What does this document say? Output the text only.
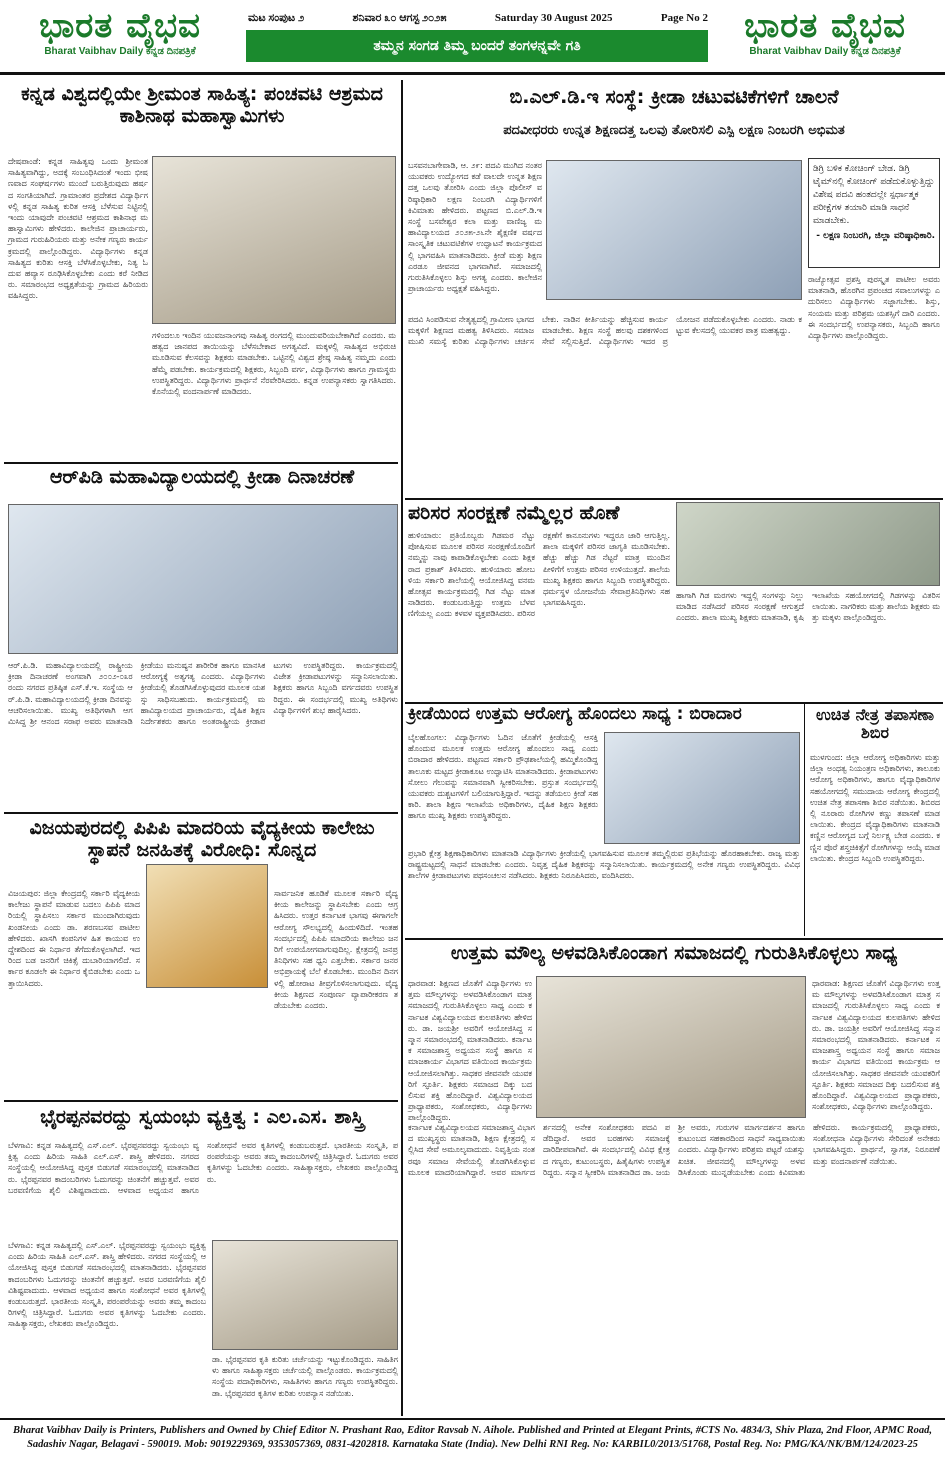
ಭಾರತ ವೈಭವ
Bharat Vaibhav Daily ಕನ್ನಡ ದಿನಪತ್ರಿಕೆ
ಮಟ ಸಂಪುಟ ೨	ಶನಿವಾರ ೩೦ ಆಗಸ್ಟ ೨೦೨೫	Saturday 30 August 2025	Page No 2
ತಮ್ಮನ ಸಂಗಡ ತಿಮ್ಮ ಬಂದರೆ ತಂಗಳನ್ನವೇ ಗತಿ	ಭಾರತ ವೈಭವ
Bharat Vaibhav Daily ಕನ್ನಡ ದಿನಪತ್ರಿಕೆ
ಕನ್ನಡ ವಿಶ್ವದಲ್ಲಿಯೇ ಶ್ರೀಮಂತ ಸಾಹಿತ್ಯ: ಪಂಚವಟಿ ಆಶ್ರಮದ ಕಾಶಿನಾಥ ಮಹಾಸ್ವಾಮಿಗಳು
ದೇಷಪಾಂಡೆ: ಕನ್ನಡ ಸಾಹಿತ್ಯವು ಒಂದು ಶ್ರೀಮಂತ ಸಾಹಿತ್ಯವಾಗಿದ್ದು, ಅದಕ್ಕೆ ಸಂಬಂಧಿಸಿದಂತೆ ಇಂದು ಭೀಷಣವಾದ ಸಂಘರ್ಷಗಳು ಮುಂದೆ ಬರುತ್ತಿರುವುದು ಹರ್ಷದ ಸಂಗತಿಯಾಗಿದೆ. ಗ್ರಾಮಾಂತರ ಪ್ರದೇಶದ ವಿದ್ಯಾರ್ಥಿಗಳಲ್ಲಿ ಕನ್ನಡ ಸಾಹಿತ್ಯ ಕುರಿತ ಆಸಕ್ತಿ ಬೆಳೆಸುವ ನಿಟ್ಟಿನಲ್ಲಿ ಇಂದು ಯಾವುದೇ ಪಂಚವಟಿ ಆಶ್ರಮದ ಕಾಶಿನಾಥ ಮಹಾಸ್ವಾಮಿಗಳು ಹೇಳಿದರು. ಕಾಲೇಜಿನ ಪ್ರಾಚಾರ್ಯರು, ಗ್ರಾಮದ ಗುರುಹಿರಿಯರು ಮತ್ತು ಅನೇಕ ಗಣ್ಯರು ಕಾರ್ಯಕ್ರಮದಲ್ಲಿ ಪಾಲ್ಗೊಂಡಿದ್ದರು. ವಿದ್ಯಾರ್ಥಿಗಳು ಕನ್ನಡ ಸಾಹಿತ್ಯದ ಕುರಿತು ಆಸಕ್ತಿ ಬೆಳೆಸಿಕೊಳ್ಳಬೇಕು, ನಿತ್ಯ ಓದುವ ಹವ್ಯಾಸ ರೂಢಿಸಿಕೊಳ್ಳಬೇಕು ಎಂದು ಕರೆ ನೀಡಿದರು. ಸಮಾರಂಭದ ಅಧ್ಯಕ್ಷತೆಯನ್ನು ಗ್ರಾಮದ ಹಿರಿಯರು ವಹಿಸಿದ್ದರು.
ಗಳಿಂದಲೂ ಇಂದಿನ ಯುವಜನಾಂಗವು ಸಾಹಿತ್ಯ ರಂಗದಲ್ಲಿ ಮುಂದುವರಿಯಬೇಕಾಗಿದೆ ಎಂದರು. ಮಹತ್ವದ ಜಾನಪದ ತಾಯಿಯನ್ನು ಬೆಳೆಸಬೇಕಾದ ಅಗತ್ಯವಿದೆ. ಮಕ್ಕಳಲ್ಲಿ ಸಾಹಿತ್ಯದ ಅಭಿರುಚಿ ಮೂಡಿಸುವ ಕೆಲಸವನ್ನು ಶಿಕ್ಷಕರು ಮಾಡಬೇಕು. ಒಟ್ಟಿನಲ್ಲಿ ವಿಶ್ವದ ಶ್ರೇಷ್ಠ ಸಾಹಿತ್ಯ ನಮ್ಮದು ಎಂದು ಹೆಮ್ಮೆ ಪಡಬೇಕು. ಕಾರ್ಯಕ್ರಮದಲ್ಲಿ ಶಿಕ್ಷಕರು, ಸಿಬ್ಬಂದಿ ವರ್ಗ, ವಿದ್ಯಾರ್ಥಿಗಳು ಹಾಗೂ ಗ್ರಾಮಸ್ಥರು ಉಪಸ್ಥಿತರಿದ್ದರು. ವಿದ್ಯಾರ್ಥಿಗಳು ಪ್ರಾರ್ಥನೆ ನೆರವೇರಿಸಿದರು. ಕನ್ನಡ ಉಪನ್ಯಾಸಕರು ಸ್ವಾಗತಿಸಿದರು. ಕೊನೆಯಲ್ಲಿ ವಂದನಾರ್ಪಣೆ ಮಾಡಿದರು.
ಆರ್‌ಪಿಡಿ ಮಹಾವಿದ್ಯಾಲಯದಲ್ಲಿ ಕ್ರೀಡಾ ದಿನಾಚರಣೆ
ಆರ್.ಪಿ.ಡಿ. ಮಹಾವಿದ್ಯಾಲಯದಲ್ಲಿ ರಾಷ್ಟ್ರೀಯ ಕ್ರೀಡಾ ದಿನಾಚರಣೆ ಅಂಗವಾಗಿ ೨೦೦೨-೦೩ರ ರಂದು ನಗರದ ಪ್ರತಿಷ್ಠಿತ ಎಸ್.ಕೆ.ಇ. ಸಂಸ್ಥೆಯ ಆರ್.ಪಿ.ಡಿ. ಮಹಾವಿದ್ಯಾಲಯದಲ್ಲಿ ಕ್ರೀಡಾ ದಿನವನ್ನು ಆಚರಿಸಲಾಯಿತು. ಮುಖ್ಯ ಅತಿಥಿಗಳಾಗಿ ಆಗಮಿಸಿದ್ದ ಶ್ರೀ ಆನಂದ ಸರಾಫ ಅವರು ಮಾತನಾಡಿ ಕ್ರೀಡೆಯು ಮನುಷ್ಯನ ಶಾರೀರಿಕ ಹಾಗೂ ಮಾನಸಿಕ ಆರೋಗ್ಯಕ್ಕೆ ಅತ್ಯಗತ್ಯ ಎಂದರು. ವಿದ್ಯಾರ್ಥಿಗಳು ಕ್ರೀಡೆಯಲ್ಲಿ ತೊಡಗಿಸಿಕೊಳ್ಳುವುದರ ಮೂಲಕ ಯಶಸ್ಸು ಸಾಧಿಸಬಹುದು. ಕಾರ್ಯಕ್ರಮದಲ್ಲಿ ಮಹಾವಿದ್ಯಾಲಯದ ಪ್ರಾಚಾರ್ಯರು, ದೈಹಿಕ ಶಿಕ್ಷಣ ನಿರ್ದೇಶಕರು ಹಾಗೂ ಅಂತರಾಷ್ಟ್ರೀಯ ಕ್ರೀಡಾಪಟುಗಳು ಉಪಸ್ಥಿತರಿದ್ದರು. ಕಾರ್ಯಕ್ರಮದಲ್ಲಿ ವಿಜೇತ ಕ್ರೀಡಾಪಟುಗಳನ್ನು ಸನ್ಮಾನಿಸಲಾಯಿತು. ಶಿಕ್ಷಕರು ಹಾಗೂ ಸಿಬ್ಬಂದಿ ವರ್ಗದವರು ಉಪಸ್ಥಿತರಿದ್ದರು. ಈ ಸಂದರ್ಭದಲ್ಲಿ ಮುಖ್ಯ ಅತಿಥಿಗಳು ವಿದ್ಯಾರ್ಥಿಗಳಿಗೆ ಶುಭ ಹಾರೈಸಿದರು.
ವಿಜಯಪುರದಲ್ಲಿ ಪಿಪಿಪಿ ಮಾದರಿಯ ವೈದ್ಯಕೀಯ ಕಾಲೇಜು ಸ್ಥಾಪನೆ ಜನಹಿತಕ್ಕೆ ವಿರೋಧಿ: ಸೊನ್ನದ
ವಿಜಯಪುರ: ಜಿಲ್ಲಾ ಕೇಂದ್ರದಲ್ಲಿ ಸರ್ಕಾರಿ ವೈದ್ಯಕೀಯ ಕಾಲೇಜು ಸ್ಥಾಪನೆ ಮಾಡುವ ಬದಲು ಪಿಪಿಪಿ ಮಾದರಿಯಲ್ಲಿ ಸ್ಥಾಪಿಸಲು ಸರ್ಕಾರ ಮುಂದಾಗಿರುವುದು ಖಂಡನೀಯ ಎಂದು ಡಾ. ಶರಣಬಸವ ಪಾಟೀಲ ಹೇಳಿದರು. ಖಾಸಗಿ ಕಂಪನಿಗಳ ಹಿತ ಕಾಯುವ ಉದ್ದೇಶದಿಂದ ಈ ನಿರ್ಧಾರ ತೆಗೆದುಕೊಳ್ಳಲಾಗಿದೆ. ಇದರಿಂದ ಬಡ ಜನರಿಗೆ ಚಿಕಿತ್ಸೆ ದುಬಾರಿಯಾಗಲಿದೆ. ಸರ್ಕಾರ ಕೂಡಲೇ ಈ ನಿರ್ಧಾರ ಕೈಬಿಡಬೇಕು ಎಂದು ಒತ್ತಾಯಿಸಿದರು.
ಸಾರ್ವಜನಿಕ ಹೂಡಿಕೆ ಮೂಲಕ ಸರ್ಕಾರಿ ವೈದ್ಯಕೀಯ ಕಾಲೇಜನ್ನು ಸ್ಥಾಪಿಸಬೇಕು ಎಂದು ಆಗ್ರಹಿಸಿದರು. ಉತ್ತರ ಕರ್ನಾಟಕ ಭಾಗವು ಈಗಾಗಲೇ ಆರೋಗ್ಯ ಸೌಲಭ್ಯದಲ್ಲಿ ಹಿಂದುಳಿದಿದೆ. ಇಂತಹ ಸಂದರ್ಭದಲ್ಲಿ ಪಿಪಿಪಿ ಮಾದರಿಯ ಕಾಲೇಜು ಜನರಿಗೆ ಉಪಯೋಗವಾಗುವುದಿಲ್ಲ. ಕ್ಷೇತ್ರದಲ್ಲಿ ಜನಪ್ರತಿನಿಧಿಗಳು ಸಹ ಧ್ವನಿ ಎತ್ತಬೇಕು. ಸರ್ಕಾರ ಜನರ ಅಭಿಪ್ರಾಯಕ್ಕೆ ಬೆಲೆ ಕೊಡಬೇಕು. ಮುಂದಿನ ದಿನಗಳಲ್ಲಿ ಹೋರಾಟ ತೀವ್ರಗೊಳಿಸಲಾಗುವುದು. ವೈದ್ಯಕೀಯ ಶಿಕ್ಷಣದ ಸಂಪೂರ್ಣ ವ್ಯಾಪಾರೀಕರಣ ತಡೆಯಬೇಕು ಎಂದರು.
ಭೈರಪ್ಪನವರದ್ದು ಸ್ವಯಂಭು ವ್ಯಕ್ತಿತ್ವ : ಎಲ.ಎಸ. ಶಾಸ್ತ್ರಿ
ಬೆಳಗಾವಿ: ಕನ್ನಡ ಸಾಹಿತ್ಯದಲ್ಲಿ ಎಸ್.ಎಲ್. ಭೈರಪ್ಪನವರದ್ದು ಸ್ವಯಂಭು ವ್ಯಕ್ತಿತ್ವ ಎಂದು ಹಿರಿಯ ಸಾಹಿತಿ ಎಲ್.ಎಸ್. ಶಾಸ್ತ್ರಿ ಹೇಳಿದರು. ನಗರದ ಸಂಸ್ಥೆಯಲ್ಲಿ ಆಯೋಜಿಸಿದ್ದ ಪುಸ್ತಕ ಬಿಡುಗಡೆ ಸಮಾರಂಭದಲ್ಲಿ ಮಾತನಾಡಿದರು. ಭೈರಪ್ಪನವರ ಕಾದಂಬರಿಗಳು ಓದುಗರನ್ನು ಚಿಂತನೆಗೆ ಹಚ್ಚುತ್ತವೆ. ಅವರ ಬರವಣಿಗೆಯ ಶೈಲಿ ವಿಶಿಷ್ಟವಾದುದು. ಆಳವಾದ ಅಧ್ಯಯನ ಹಾಗೂ ಸಂಶೋಧನೆ ಅವರ ಕೃತಿಗಳಲ್ಲಿ ಕಂಡುಬರುತ್ತದೆ. ಭಾರತೀಯ ಸಂಸ್ಕೃತಿ, ಪರಂಪರೆಯನ್ನು ಅವರು ತಮ್ಮ ಕಾದಂಬರಿಗಳಲ್ಲಿ ಚಿತ್ರಿಸಿದ್ದಾರೆ. ಓದುಗರು ಅವರ ಕೃತಿಗಳನ್ನು ಓದಬೇಕು ಎಂದರು. ಸಾಹಿತ್ಯಾಸಕ್ತರು, ಲೇಖಕರು ಪಾಲ್ಗೊಂಡಿದ್ದರು.
ಬೆಳಗಾವಿ: ಕನ್ನಡ ಸಾಹಿತ್ಯದಲ್ಲಿ ಎಸ್.ಎಲ್. ಭೈರಪ್ಪನವರದ್ದು ಸ್ವಯಂಭು ವ್ಯಕ್ತಿತ್ವ ಎಂದು ಹಿರಿಯ ಸಾಹಿತಿ ಎಲ್.ಎಸ್. ಶಾಸ್ತ್ರಿ ಹೇಳಿದರು. ನಗರದ ಸಂಸ್ಥೆಯಲ್ಲಿ ಆಯೋಜಿಸಿದ್ದ ಪುಸ್ತಕ ಬಿಡುಗಡೆ ಸಮಾರಂಭದಲ್ಲಿ ಮಾತನಾಡಿದರು. ಭೈರಪ್ಪನವರ ಕಾದಂಬರಿಗಳು ಓದುಗರನ್ನು ಚಿಂತನೆಗೆ ಹಚ್ಚುತ್ತವೆ. ಅವರ ಬರವಣಿಗೆಯ ಶೈಲಿ ವಿಶಿಷ್ಟವಾದುದು. ಆಳವಾದ ಅಧ್ಯಯನ ಹಾಗೂ ಸಂಶೋಧನೆ ಅವರ ಕೃತಿಗಳಲ್ಲಿ ಕಂಡುಬರುತ್ತದೆ. ಭಾರತೀಯ ಸಂಸ್ಕೃತಿ, ಪರಂಪರೆಯನ್ನು ಅವರು ತಮ್ಮ ಕಾದಂಬರಿಗಳಲ್ಲಿ ಚಿತ್ರಿಸಿದ್ದಾರೆ. ಓದುಗರು ಅವರ ಕೃತಿಗಳನ್ನು ಓದಬೇಕು ಎಂದರು. ಸಾಹಿತ್ಯಾಸಕ್ತರು, ಲೇಖಕರು ಪಾಲ್ಗೊಂಡಿದ್ದರು.
ಡಾ. ಭೈರಪ್ಪನವರ ಕೃತಿ ಕುರಿತು ಚರ್ಚೆಯನ್ನು ಇಟ್ಟುಕೊಂಡಿದ್ದರು. ಸಾಹಿತಿಗಳು ಹಾಗೂ ಸಾಹಿತ್ಯಾಸಕ್ತರು ಚರ್ಚೆಯಲ್ಲಿ ಪಾಲ್ಗೊಂಡರು. ಕಾರ್ಯಕ್ರಮದಲ್ಲಿ ಸಂಸ್ಥೆಯ ಪದಾಧಿಕಾರಿಗಳು, ಸಾಹಿತಿಗಳು ಹಾಗೂ ಗಣ್ಯರು ಉಪಸ್ಥಿತರಿದ್ದರು. ಡಾ. ಭೈರಪ್ಪನವರ ಕೃತಿಗಳ ಕುರಿತು ಉಪನ್ಯಾಸ ನಡೆಯಿತು.
ಬಿ.ಎಲ್.ಡಿ.ಇ ಸಂಸ್ಥೆ: ಕ್ರೀಡಾ ಚಟುವಟಿಕೆಗಳಿಗೆ ಚಾಲನೆ
ಪದವೀಧರರು ಉನ್ನತ ಶಿಕ್ಷಣದತ್ತ ಒಲವು ತೋರಿಸಲಿ ಎಸ್ಪಿ ಲಕ್ಷಣ ನಿಂಬರಗಿ ಅಭಿಮತ
ಬಸವನಬಾಗೇವಾಡಿ, ಆ. ೨೯: ಪದವಿ ಮುಗಿದ ನಂತರ ಯುವಕರು ಉದ್ಯೋಗದ ಕಡೆ ವಾಲದೇ ಉನ್ನತ ಶಿಕ್ಷಣದತ್ತ ಒಲವು ತೋರಿಸಿ ಎಂದು ಜಿಲ್ಲಾ ಪೊಲೀಸ್ ವರಿಷ್ಠಾಧಿಕಾರಿ ಲಕ್ಷಣ ನಿಂಬರಗಿ ವಿದ್ಯಾರ್ಥಿಗಳಿಗೆ ಕಿವಿಮಾತು ಹೇಳಿದರು. ಪಟ್ಟಣದ ಬಿ.ಎಲ್.ಡಿ.ಇ ಸಂಸ್ಥೆ ಬಸವೇಶ್ವರ ಕಲಾ ಮತ್ತು ವಾಣಿಜ್ಯ ಮಹಾವಿದ್ಯಾಲಯದ ೨೦೨೫-೨೬ನೇ ಶೈಕ್ಷಣಿಕ ವರ್ಷದ ಸಾಂಸ್ಕೃತಿಕ ಚಟುವಟಿಕೆಗಳ ಉದ್ಘಾಟನೆ ಕಾರ್ಯಕ್ರಮದಲ್ಲಿ ಭಾಗವಹಿಸಿ ಮಾತನಾಡಿದರು. ಕ್ರೀಡೆ ಮತ್ತು ಶಿಕ್ಷಣ ಎರಡೂ ಜೀವನದ ಭಾಗವಾಗಿವೆ. ಸಮಾಜದಲ್ಲಿ ಗುರುತಿಸಿಕೊಳ್ಳಲು ಶಿಸ್ತು ಅಗತ್ಯ ಎಂದರು. ಕಾಲೇಜಿನ ಪ್ರಾಚಾರ್ಯರು ಅಧ್ಯಕ್ಷತೆ ವಹಿಸಿದ್ದರು.
ಡಿಗ್ರಿ ಬಳಿಕ ಕೋಚಿಂಗ್ ಬೇಡ. ಡಿಗ್ರಿ ಟೈಮ್‌ನಲ್ಲಿ ಕೋಚಿಂಗ್ ಪಡೆದುಕೊಳ್ಳುತ್ತಿದ್ದು ವಿಶೇಷ ಪದವಿ ಹಂತದಲ್ಲೇ ಸ್ಪರ್ಧಾತ್ಮಕ ಪರೀಕ್ಷೆಗಳ ತಯಾರಿ ಮಾಡಿ ಸಾಧನೆ ಮಾಡಬೇಕು.
- ಲಕ್ಷಣ ನಿಂಬರಗಿ, ಜಿಲ್ಲಾ ವರಿಷ್ಠಾಧಿಕಾರಿ.
ಪದವಿ ಸಿಂಪಡಿಸುವ ನೇತೃತ್ವದಲ್ಲಿ ಗ್ರಾಮೀಣ ಭಾಗದ ಮಕ್ಕಳಿಗೆ ಶಿಕ್ಷಣದ ಮಹತ್ವ ತಿಳಿಸಿದರು. ಸಮಾಜಮುಖಿ ಸಮಸ್ಯೆ ಕುರಿತು ವಿದ್ಯಾರ್ಥಿಗಳು ಚರ್ಚಿಸಬೇಕು. ನಾಡಿನ ಕೀರ್ತಿಯನ್ನು ಹೆಚ್ಚಿಸುವ ಕಾರ್ಯ ಮಾಡಬೇಕು. ಶಿಕ್ಷಣ ಸಂಸ್ಥೆ ಹಲವು ದಶಕಗಳಿಂದ ಸೇವೆ ಸಲ್ಲಿಸುತ್ತಿದೆ. ವಿದ್ಯಾರ್ಥಿಗಳು ಇದರ ಪ್ರಯೋಜನ ಪಡೆದುಕೊಳ್ಳಬೇಕು ಎಂದರು. ನಾಡು ಕಟ್ಟುವ ಕೆಲಸದಲ್ಲಿ ಯುವಕರ ಪಾತ್ರ ಮಹತ್ವದ್ದು.
ರಾಜ್ಯೋತ್ಸವ ಪ್ರಶಸ್ತಿ ಪುರಸ್ಕೃತ ಪಾಟೀಲ ಅವರು ಮಾತನಾಡಿ, ಹೊರಗಿನ ಪ್ರಪಂಚದ ಸವಾಲುಗಳನ್ನು ಎದುರಿಸಲು ವಿದ್ಯಾರ್ಥಿಗಳು ಸಜ್ಜಾಗಬೇಕು. ಶಿಸ್ತು, ಸಂಯಮ ಮತ್ತು ಪರಿಶ್ರಮ ಯಶಸ್ಸಿಗೆ ದಾರಿ ಎಂದರು. ಈ ಸಂದರ್ಭದಲ್ಲಿ ಉಪನ್ಯಾಸಕರು, ಸಿಬ್ಬಂದಿ ಹಾಗೂ ವಿದ್ಯಾರ್ಥಿಗಳು ಪಾಲ್ಗೊಂಡಿದ್ದರು.
ಪರಿಸರ ಸಂರಕ್ಷಣೆ ನಮ್ಮೆಲ್ಲರ ಹೊಣೆ
ಹುಳಿಯಾರು: ಪ್ರತಿಯೊಬ್ಬರು ಗಿಡಮರ ನೆಟ್ಟು ಪೋಷಿಸುವ ಮೂಲಕ ಪರಿಸರ ಸಂರಕ್ಷಣೆಯೊಂದಿಗೆ ನಮ್ಮನ್ನು ನಾವು ಕಾಪಾಡಿಕೊಳ್ಳಬೇಕು ಎಂದು ಶಿಕ್ಷಕರಾದ ಪ್ರಕಾಶ್ ತಿಳಿಸಿದರು. ಹುಳಿಯಾರು ಹೋಬಳಿಯ ಸರ್ಕಾರಿ ಶಾಲೆಯಲ್ಲಿ ಆಯೋಜಿಸಿದ್ದ ವನಮಹೋತ್ಸವ ಕಾರ್ಯಕ್ರಮದಲ್ಲಿ ಗಿಡ ನೆಟ್ಟು ಮಾತನಾಡಿದರು. ಕಂಡುಬರುತ್ತಿದ್ದು ಉತ್ತಮ ಬೆಳವಣಿಗೆಯಲ್ಲ ಎಂದು ಕಳವಳ ವ್ಯಕ್ತಪಡಿಸಿದರು. ಪರಿಸರ ರಕ್ಷಣೆಗೆ ಕಾನೂನುಗಳು ಇದ್ದರೂ ಜಾರಿ ಆಗುತ್ತಿಲ್ಲ. ಶಾಲಾ ಮಕ್ಕಳಿಗೆ ಪರಿಸರ ಜಾಗೃತಿ ಮೂಡಿಸಬೇಕು. ಹೆಚ್ಚು ಹೆಚ್ಚು ಗಿಡ ನೆಟ್ಟರೆ ಮಾತ್ರ ಮುಂದಿನ ಪೀಳಿಗೆಗೆ ಉತ್ತಮ ಪರಿಸರ ಉಳಿಯುತ್ತದೆ. ಶಾಲೆಯ ಮುಖ್ಯ ಶಿಕ್ಷಕರು ಹಾಗೂ ಸಿಬ್ಬಂದಿ ಉಪಸ್ಥಿತರಿದ್ದರು. ಧರ್ಮಸ್ಥಳ ಯೋಜನೆಯ ಸೇವಾಪ್ರತಿನಿಧಿಗಳು ಸಹ ಭಾಗವಹಿಸಿದ್ದರು.
ಹಾಗಾಗಿ ಗಿಡ ಮರಗಳು ಇದ್ದಲ್ಲಿ ಸಂಗಳನ್ನು ನಿಲ್ಲು ಮಾಡಿದ ನಡೆಸಿದರೆ ಪರಿಸರ ಸಂರಕ್ಷಣೆ ಆಗುತ್ತದೆ ಎಂದರು. ಶಾಲಾ ಮುಖ್ಯ ಶಿಕ್ಷಕರು ಮಾತನಾಡಿ, ಕೃಷಿ ಇಲಾಖೆಯ ಸಹಯೋಗದಲ್ಲಿ ಗಿಡಗಳನ್ನು ವಿತರಿಸಲಾಯಿತು. ನಾಗರಿಕರು ಮತ್ತು ಶಾಲೆಯ ಶಿಕ್ಷಕರು ಮತ್ತು ಮಕ್ಕಳು ಪಾಲ್ಗೊಂಡಿದ್ದರು.
ಕ್ರೀಡೆಯಿಂದ ಉತ್ತಮ ಆರೋಗ್ಯ ಹೊಂದಲು ಸಾಧ್ಯ : ಬಿರಾದಾರ
ಬೈಲಹೊಂಗಲ: ವಿದ್ಯಾರ್ಥಿಗಳು ಓದಿನ ಜೊತೆಗೆ ಕ್ರೀಡೆಯಲ್ಲಿ ಆಸಕ್ತಿ ಹೊಂದುವ ಮೂಲಕ ಉತ್ತಮ ಆರೋಗ್ಯ ಹೊಂದಲು ಸಾಧ್ಯ ಎಂದು ಬಿರಾದಾರ ಹೇಳಿದರು. ಪಟ್ಟಣದ ಸರ್ಕಾರಿ ಪ್ರೌಢಶಾಲೆಯಲ್ಲಿ ಹಮ್ಮಿಕೊಂಡಿದ್ದ ತಾಲೂಕು ಮಟ್ಟದ ಕ್ರೀಡಾಕೂಟ ಉದ್ಘಾಟಿಸಿ ಮಾತನಾಡಿದರು. ಕ್ರೀಡಾಪಟುಗಳು ಸೋಲು ಗೆಲುವನ್ನು ಸಮಾನವಾಗಿ ಸ್ವೀಕರಿಸಬೇಕು. ಪ್ರಸ್ತುತ ಸಂದರ್ಭದಲ್ಲಿ ಯುವಕರು ದುಶ್ಚಟಗಳಿಗೆ ಬಲಿಯಾಗುತ್ತಿದ್ದಾರೆ. ಇದನ್ನು ತಡೆಯಲು ಕ್ರೀಡೆ ಸಹಕಾರಿ. ಶಾಲಾ ಶಿಕ್ಷಣ ಇಲಾಖೆಯ ಅಧಿಕಾರಿಗಳು, ದೈಹಿಕ ಶಿಕ್ಷಣ ಶಿಕ್ಷಕರು ಹಾಗೂ ಮುಖ್ಯ ಶಿಕ್ಷಕರು ಉಪಸ್ಥಿತರಿದ್ದರು.
ಪ್ರಭಾರಿ ಕ್ಷೇತ್ರ ಶಿಕ್ಷಣಾಧಿಕಾರಿಗಳು ಮಾತನಾಡಿ ವಿದ್ಯಾರ್ಥಿಗಳು ಕ್ರೀಡೆಯಲ್ಲಿ ಭಾಗವಹಿಸುವ ಮೂಲಕ ತಮ್ಮಲ್ಲಿರುವ ಪ್ರತಿಭೆಯನ್ನು ಹೊರಹಾಕಬೇಕು. ರಾಜ್ಯ ಮತ್ತು ರಾಷ್ಟ್ರಮಟ್ಟದಲ್ಲಿ ಸಾಧನೆ ಮಾಡಬೇಕು ಎಂದರು. ನಿವೃತ್ತ ದೈಹಿಕ ಶಿಕ್ಷಕರನ್ನು ಸನ್ಮಾನಿಸಲಾಯಿತು. ಕಾರ್ಯಕ್ರಮದಲ್ಲಿ ಅನೇಕ ಗಣ್ಯರು ಉಪಸ್ಥಿತರಿದ್ದರು. ವಿವಿಧ ಶಾಲೆಗಳ ಕ್ರೀಡಾಪಟುಗಳು ಪಥಸಂಚಲನ ನಡೆಸಿದರು. ಶಿಕ್ಷಕರು ನಿರೂಪಿಸಿದರು, ವಂದಿಸಿದರು.
ಉಚಿತ ನೇತ್ರ ತಪಾಸಣಾ ಶಿಬಿರ
ಮುಳಗುಂದ: ಜಿಲ್ಲಾ ಆರೋಗ್ಯ ಅಧಿಕಾರಿಗಳು ಮತ್ತು ಜಿಲ್ಲಾ ಅಂಧತ್ವ ನಿಯಂತ್ರಣ ಅಧಿಕಾರಿಗಳು, ತಾಲೂಕು ಆರೋಗ್ಯ ಅಧಿಕಾರಿಗಳು, ಹಾಗೂ ವೈದ್ಯಾಧಿಕಾರಿಗಳ ಸಹಯೋಗದಲ್ಲಿ ಸಮುದಾಯ ಆರೋಗ್ಯ ಕೇಂದ್ರದಲ್ಲಿ ಉಚಿತ ನೇತ್ರ ತಪಾಸಣಾ ಶಿಬಿರ ನಡೆಯಿತು. ಶಿಬಿರದಲ್ಲಿ ನೂರಾರು ರೋಗಿಗಳ ಕಣ್ಣು ತಪಾಸಣೆ ಮಾಡಲಾಯಿತು. ಕೇಂದ್ರದ ವೈದ್ಯಾಧಿಕಾರಿಗಳು ಮಾತನಾಡಿ ಕಣ್ಣಿನ ಆರೋಗ್ಯದ ಬಗ್ಗೆ ನಿರ್ಲಕ್ಷ್ಯ ಬೇಡ ಎಂದರು. ಕಣ್ಣಿನ ಪೊರೆ ಶಸ್ತ್ರಚಿಕಿತ್ಸೆಗೆ ರೋಗಿಗಳನ್ನು ಆಯ್ಕೆ ಮಾಡಲಾಯಿತು. ಕೇಂದ್ರದ ಸಿಬ್ಬಂದಿ ಉಪಸ್ಥಿತರಿದ್ದರು.
ಉತ್ತಮ ಮೌಲ್ಯ ಅಳವಡಿಸಿಕೊಂಡಾಗ ಸಮಾಜದಲ್ಲಿ ಗುರುತಿಸಿಕೊಳ್ಳಲು ಸಾಧ್ಯ
ಧಾರವಾಡ: ಶಿಕ್ಷಣದ ಜೊತೆಗೆ ವಿದ್ಯಾರ್ಥಿಗಳು ಉತ್ತಮ ಮೌಲ್ಯಗಳನ್ನು ಅಳವಡಿಸಿಕೊಂಡಾಗ ಮಾತ್ರ ಸಮಾಜದಲ್ಲಿ ಗುರುತಿಸಿಕೊಳ್ಳಲು ಸಾಧ್ಯ ಎಂದು ಕರ್ನಾಟಕ ವಿಶ್ವವಿದ್ಯಾಲಯದ ಕುಲಪತಿಗಳು ಹೇಳಿದರು. ಡಾ. ಜಯಶ್ರೀ ಅವರಿಗೆ ಆಯೋಜಿಸಿದ್ದ ಸನ್ಮಾನ ಸಮಾರಂಭದಲ್ಲಿ ಮಾತನಾಡಿದರು. ಕರ್ನಾಟಕ ಸಮಾಜಶಾಸ್ತ್ರ ಅಧ್ಯಯನ ಸಂಸ್ಥೆ ಹಾಗೂ ಸಮಾಜಕಾರ್ಯ ವಿಭಾಗದ ವತಿಯಿಂದ ಕಾರ್ಯಕ್ರಮ ಆಯೋಜಿಸಲಾಗಿತ್ತು. ಸಾಧಕರ ಜೀವನವೇ ಯುವಕರಿಗೆ ಸ್ಫೂರ್ತಿ. ಶಿಕ್ಷಕರು ಸಮಾಜದ ದಿಕ್ಕು ಬದಲಿಸುವ ಶಕ್ತಿ ಹೊಂದಿದ್ದಾರೆ. ವಿಶ್ವವಿದ್ಯಾಲಯದ ಪ್ರಾಧ್ಯಾಪಕರು, ಸಂಶೋಧಕರು, ವಿದ್ಯಾರ್ಥಿಗಳು ಪಾಲ್ಗೊಂಡಿದ್ದರು.
ಧಾರವಾಡ: ಶಿಕ್ಷಣದ ಜೊತೆಗೆ ವಿದ್ಯಾರ್ಥಿಗಳು ಉತ್ತಮ ಮೌಲ್ಯಗಳನ್ನು ಅಳವಡಿಸಿಕೊಂಡಾಗ ಮಾತ್ರ ಸಮಾಜದಲ್ಲಿ ಗುರುತಿಸಿಕೊಳ್ಳಲು ಸಾಧ್ಯ ಎಂದು ಕರ್ನಾಟಕ ವಿಶ್ವವಿದ್ಯಾಲಯದ ಕುಲಪತಿಗಳು ಹೇಳಿದರು. ಡಾ. ಜಯಶ್ರೀ ಅವರಿಗೆ ಆಯೋಜಿಸಿದ್ದ ಸನ್ಮಾನ ಸಮಾರಂಭದಲ್ಲಿ ಮಾತನಾಡಿದರು. ಕರ್ನಾಟಕ ಸಮಾಜಶಾಸ್ತ್ರ ಅಧ್ಯಯನ ಸಂಸ್ಥೆ ಹಾಗೂ ಸಮಾಜಕಾರ್ಯ ವಿಭಾಗದ ವತಿಯಿಂದ ಕಾರ್ಯಕ್ರಮ ಆಯೋಜಿಸಲಾಗಿತ್ತು. ಸಾಧಕರ ಜೀವನವೇ ಯುವಕರಿಗೆ ಸ್ಫೂರ್ತಿ. ಶಿಕ್ಷಕರು ಸಮಾಜದ ದಿಕ್ಕು ಬದಲಿಸುವ ಶಕ್ತಿ ಹೊಂದಿದ್ದಾರೆ. ವಿಶ್ವವಿದ್ಯಾಲಯದ ಪ್ರಾಧ್ಯಾಪಕರು, ಸಂಶೋಧಕರು, ವಿದ್ಯಾರ್ಥಿಗಳು ಪಾಲ್ಗೊಂಡಿದ್ದರು.
ಕರ್ನಾಟಕ ವಿಶ್ವವಿದ್ಯಾಲಯದ ಸಮಾಜಶಾಸ್ತ್ರ ವಿಭಾಗದ ಮುಖ್ಯಸ್ಥರು ಮಾತನಾಡಿ, ಶಿಕ್ಷಣ ಕ್ಷೇತ್ರದಲ್ಲಿ ಸಲ್ಲಿಸಿದ ಸೇವೆ ಅಮೂಲ್ಯವಾದುದು. ನಿವೃತ್ತಿಯ ನಂತರವೂ ಸಮಾಜ ಸೇವೆಯಲ್ಲಿ ತೊಡಗಿಸಿಕೊಳ್ಳುವ ಮೂಲಕ ಮಾದರಿಯಾಗಿದ್ದಾರೆ. ಅವರ ಮಾರ್ಗದರ್ಶನದಲ್ಲಿ ಅನೇಕ ಸಂಶೋಧಕರು ಪದವಿ ಪಡೆದಿದ್ದಾರೆ. ಅವರ ಬರಹಗಳು ಸಮಾಜಕ್ಕೆ ದಾರಿದೀಪವಾಗಿವೆ. ಈ ಸಂದರ್ಭದಲ್ಲಿ ವಿವಿಧ ಕ್ಷೇತ್ರದ ಗಣ್ಯರು, ಕುಟುಂಬಸ್ಥರು, ಹಿತೈಷಿಗಳು ಉಪಸ್ಥಿತರಿದ್ದರು. ಸನ್ಮಾನ ಸ್ವೀಕರಿಸಿ ಮಾತನಾಡಿದ ಡಾ. ಜಯಶ್ರೀ ಅವರು, ಗುರುಗಳ ಮಾರ್ಗದರ್ಶನ ಹಾಗೂ ಕುಟುಂಬದ ಸಹಕಾರದಿಂದ ಸಾಧನೆ ಸಾಧ್ಯವಾಯಿತು ಎಂದರು. ವಿದ್ಯಾರ್ಥಿಗಳು ಪರಿಶ್ರಮ ಪಟ್ಟರೆ ಯಶಸ್ಸು ಖಚಿತ. ಜೀವನದಲ್ಲಿ ಮೌಲ್ಯಗಳನ್ನು ಅಳವಡಿಸಿಕೊಂಡು ಮುನ್ನಡೆಯಬೇಕು ಎಂದು ಕಿವಿಮಾತು ಹೇಳಿದರು. ಕಾರ್ಯಕ್ರಮದಲ್ಲಿ ಪ್ರಾಧ್ಯಾಪಕರು, ಸಂಶೋಧನಾ ವಿದ್ಯಾರ್ಥಿಗಳು ಸೇರಿದಂತೆ ಅನೇಕರು ಭಾಗವಹಿಸಿದ್ದರು. ಪ್ರಾರ್ಥನೆ, ಸ್ವಾಗತ, ನಿರೂಪಣೆ ಮತ್ತು ವಂದನಾರ್ಪಣೆ ನಡೆಯಿತು.
Bharat Vaibhav Daily is Printers, Publishers and Owned by Chief Editor N. Prashant Rao, Editor Ravsab N. Aihole. Published and Printed at Elegant Prints, #CTS No. 4834/3, Shiv Plaza, 2nd Floor, APMC Road, Sadashiv Nagar, Belagavi - 590019. Mob: 9019229369, 9353057369, 0831-4202818. Karnataka State (India). New Delhi RNI Reg. No: KARBIL0/2013/51768, Postal Reg. No: PMG/KA/NK/BM/124/2023-25
